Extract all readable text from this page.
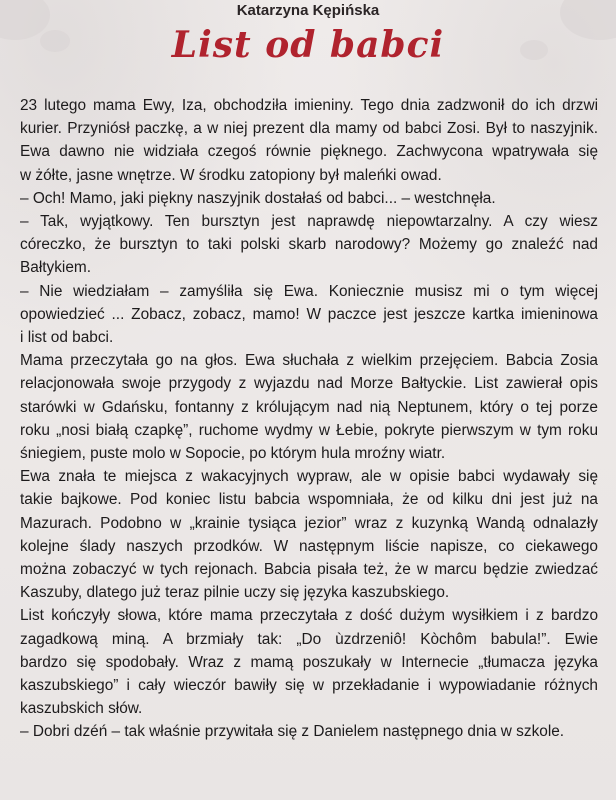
Katarzyna Kępińska
List od babci
23 lutego mama Ewy, Iza, obchodziła imieniny. Tego dnia zadzwonił do ich drzwi
kurier. Przyniósł paczkę, a w niej prezent dla mamy od babci Zosi. Był to naszyjnik.
Ewa dawno nie widziała czegoś równie pięknego. Zachwycona wpatrywała się
w żółte, jasne wnętrze. W środku zatopiony był maleńki owad.
– Och! Mamo, jaki piękny naszyjnik dostałaś od babci... – westchnęła.
– Tak, wyjątkowy. Ten bursztyn jest naprawdę niepowtarzalny. A czy wiesz
córeczko, że bursztyn to taki polski skarb narodowy? Możemy go znaleźć nad
Bałtykiem.
– Nie wiedziałam – zamyśliła się Ewa. Koniecznie musisz mi o tym więcej
opowiedzieć ... Zobacz, zobacz, mamo! W paczce jest jeszcze kartka imieninowa
i list od babci.
Mama przeczytała go na głos. Ewa słuchała z wielkim przejęciem. Babcia Zosia
relacjonowała swoje przygody z wyjazdu nad Morze Bałtyckie. List zawierał opis
starówki w Gdańsku, fontanny z królującym nad nią Neptunem, który o tej porze
roku „nosi białą czapkę”, ruchome wydmy w Łebie, pokryte pierwszym w tym roku
śniegiem, puste molo w Sopocie, po którym hula mroźny wiatr.
Ewa znała te miejsca z wakacyjnych wypraw, ale w opisie babci wydawały się
takie bajkowe. Pod koniec listu babcia wspomniała, że od kilku dni jest już na
Mazurach. Podobno w „krainie tysiąca jezior” wraz z kuzynką Wandą odnalazły
kolejne ślady naszych przodków. W następnym liście napisze, co ciekawego
można zobaczyć w tych rejonach. Babcia pisała też, że w marcu będzie zwiedzać
Kaszuby, dlatego już teraz pilnie uczy się języka kaszubskiego.
List kończyły słowa, które mama przeczytała z dość dużym wysiłkiem i z bardzo
zagadkową miną. A brzmiały tak: „Do ùzdrzeniô! Kòchôm babula!”. Ewie
bardzo się spodobały. Wraz z mamą poszukały w Internecie „tłumacza języka
kaszubskiego” i cały wieczór bawiły się w przekładanie i wypowiadanie różnych
kaszubskich słów.
– Dobri dzéń – tak właśnie przywitała się z Danielem następnego dnia w szkole.
